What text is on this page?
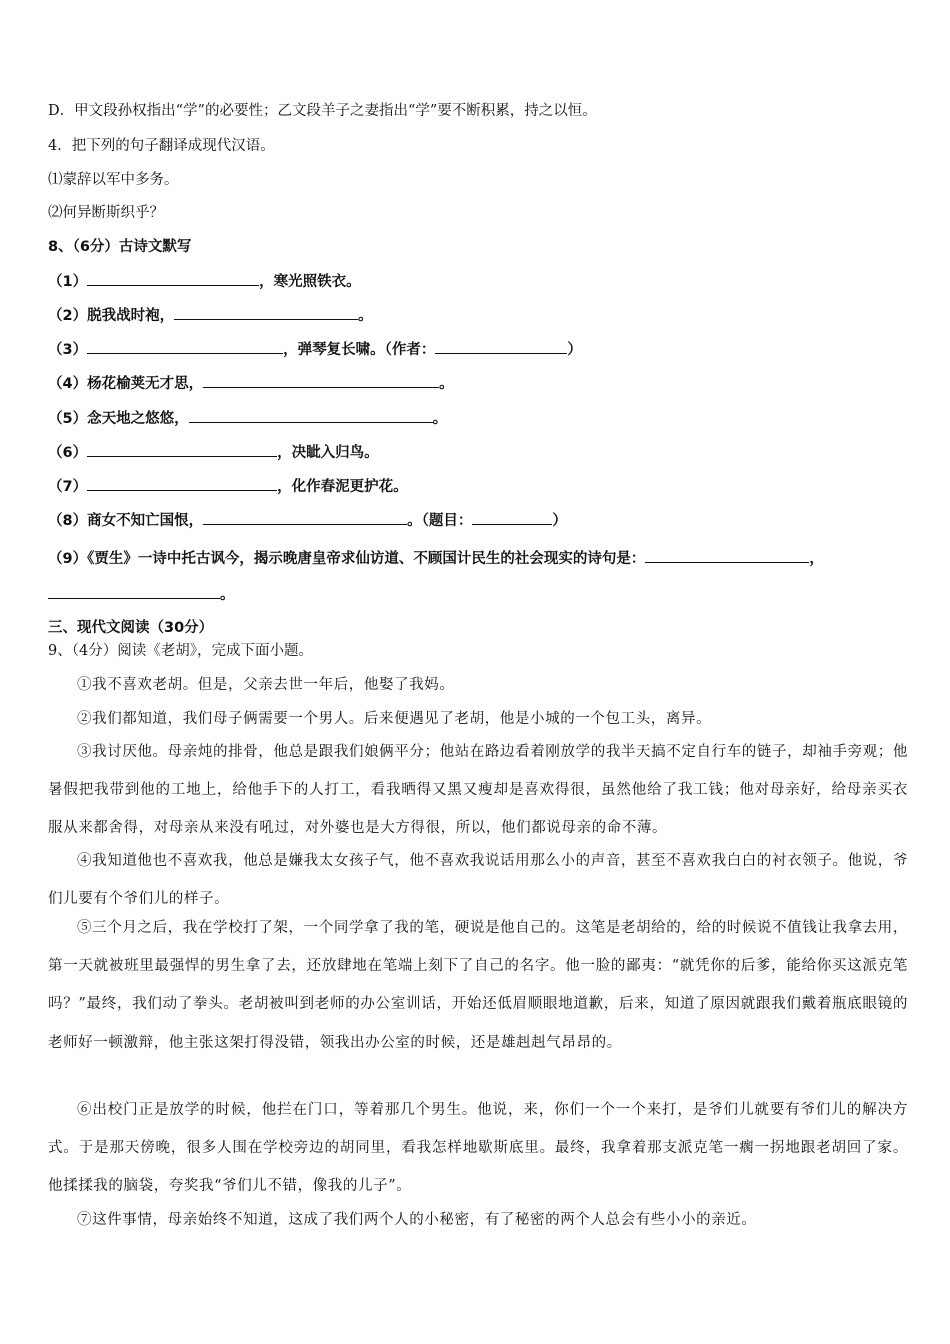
D．甲文段孙权指出“学”的必要性；乙文段羊子之妻指出“学”要不断积累，持之以恒。
4．把下列的句子翻译成现代汉语。
⑴蒙辞以军中多务。
⑵何异断斯织乎？
8、（6分）古诗文默写
（1）	，寒光照铁衣。
（2）脱我战时袍，	。
（3）	，弹琴复长啸。（作者：	）
（4）杨花榆荚无才思，	。
（5）念天地之悠悠，	。
（6）	，决眦入归鸟。
（7）	，化作春泥更护花。
（8）商女不知亡国恨，	。（题目：	）
（9）《贾生》一诗中托古讽今，揭示晚唐皇帝求仙访道、不顾国计民生的社会现实的诗句是：	，
。
三、现代文阅读（30分）
9、（4分）阅读《老胡》，完成下面小题。
①我不喜欢老胡。但是，父亲去世一年后，他娶了我妈。
②我们都知道，我们母子俩需要一个男人。后来便遇见了老胡，他是小城的一个包工头，离异。
③我讨厌他。母亲炖的排骨，他总是跟我们娘俩平分；他站在路边看着刚放学的我半天搞不定自行车的链子，却袖手旁观；他暑假把我带到他的工地上，给他手下的人打工，看我晒得又黑又瘦却是喜欢得很，虽然他给了我工钱；他对母亲好，给母亲买衣服从来都舍得，对母亲从来没有吼过，对外婆也是大方得很，所以，他们都说母亲的命不薄。
④我知道他也不喜欢我，他总是嫌我太女孩子气，他不喜欢我说话用那么小的声音，甚至不喜欢我白白的衬衣领子。他说，爷们儿要有个爷们儿的样子。
⑤三个月之后，我在学校打了架，一个同学拿了我的笔，硬说是他自己的。这笔是老胡给的，给的时候说不值钱让我拿去用，第一天就被班里最强悍的男生拿了去，还放肆地在笔端上刻下了自己的名字。他一脸的鄙夷：“就凭你的后爹，能给你买这派克笔吗？”最终，我们动了拳头。老胡被叫到老师的办公室训话，开始还低眉顺眼地道歉，后来，知道了原因就跟我们戴着瓶底眼镜的老师好一顿激辩，他主张这架打得没错，领我出办公室的时候，还是雄赳赳气昂昂的。
⑥出校门正是放学的时候，他拦在门口，等着那几个男生。他说，来，你们一个一个来打，是爷们儿就要有爷们儿的解决方式。于是那天傍晚，很多人围在学校旁边的胡同里，看我怎样地歇斯底里。最终，我拿着那支派克笔一瘸一拐地跟老胡回了家。他揉揉我的脑袋，夸奖我“爷们儿不错，像我的儿子”。
⑦这件事情，母亲始终不知道，这成了我们两个人的小秘密，有了秘密的两个人总会有些小小的亲近。
